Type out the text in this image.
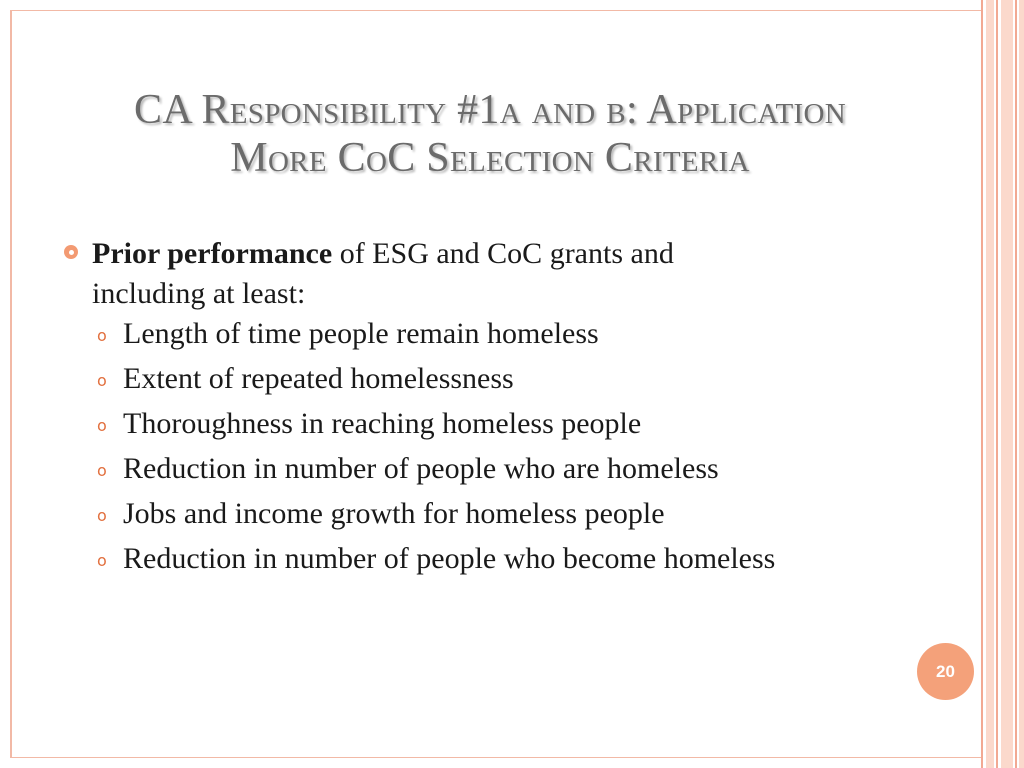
CA Responsibility #1a and b: Application
More CoC Selection Criteria
Prior performance of ESG and CoC grants and
including at least:
o Length of time people remain homeless
o Extent of repeated homelessness
o Thoroughness in reaching homeless people
o Reduction in number of people who are homeless
o Jobs and income growth for homeless people
o Reduction in number of people who become homeless
20
